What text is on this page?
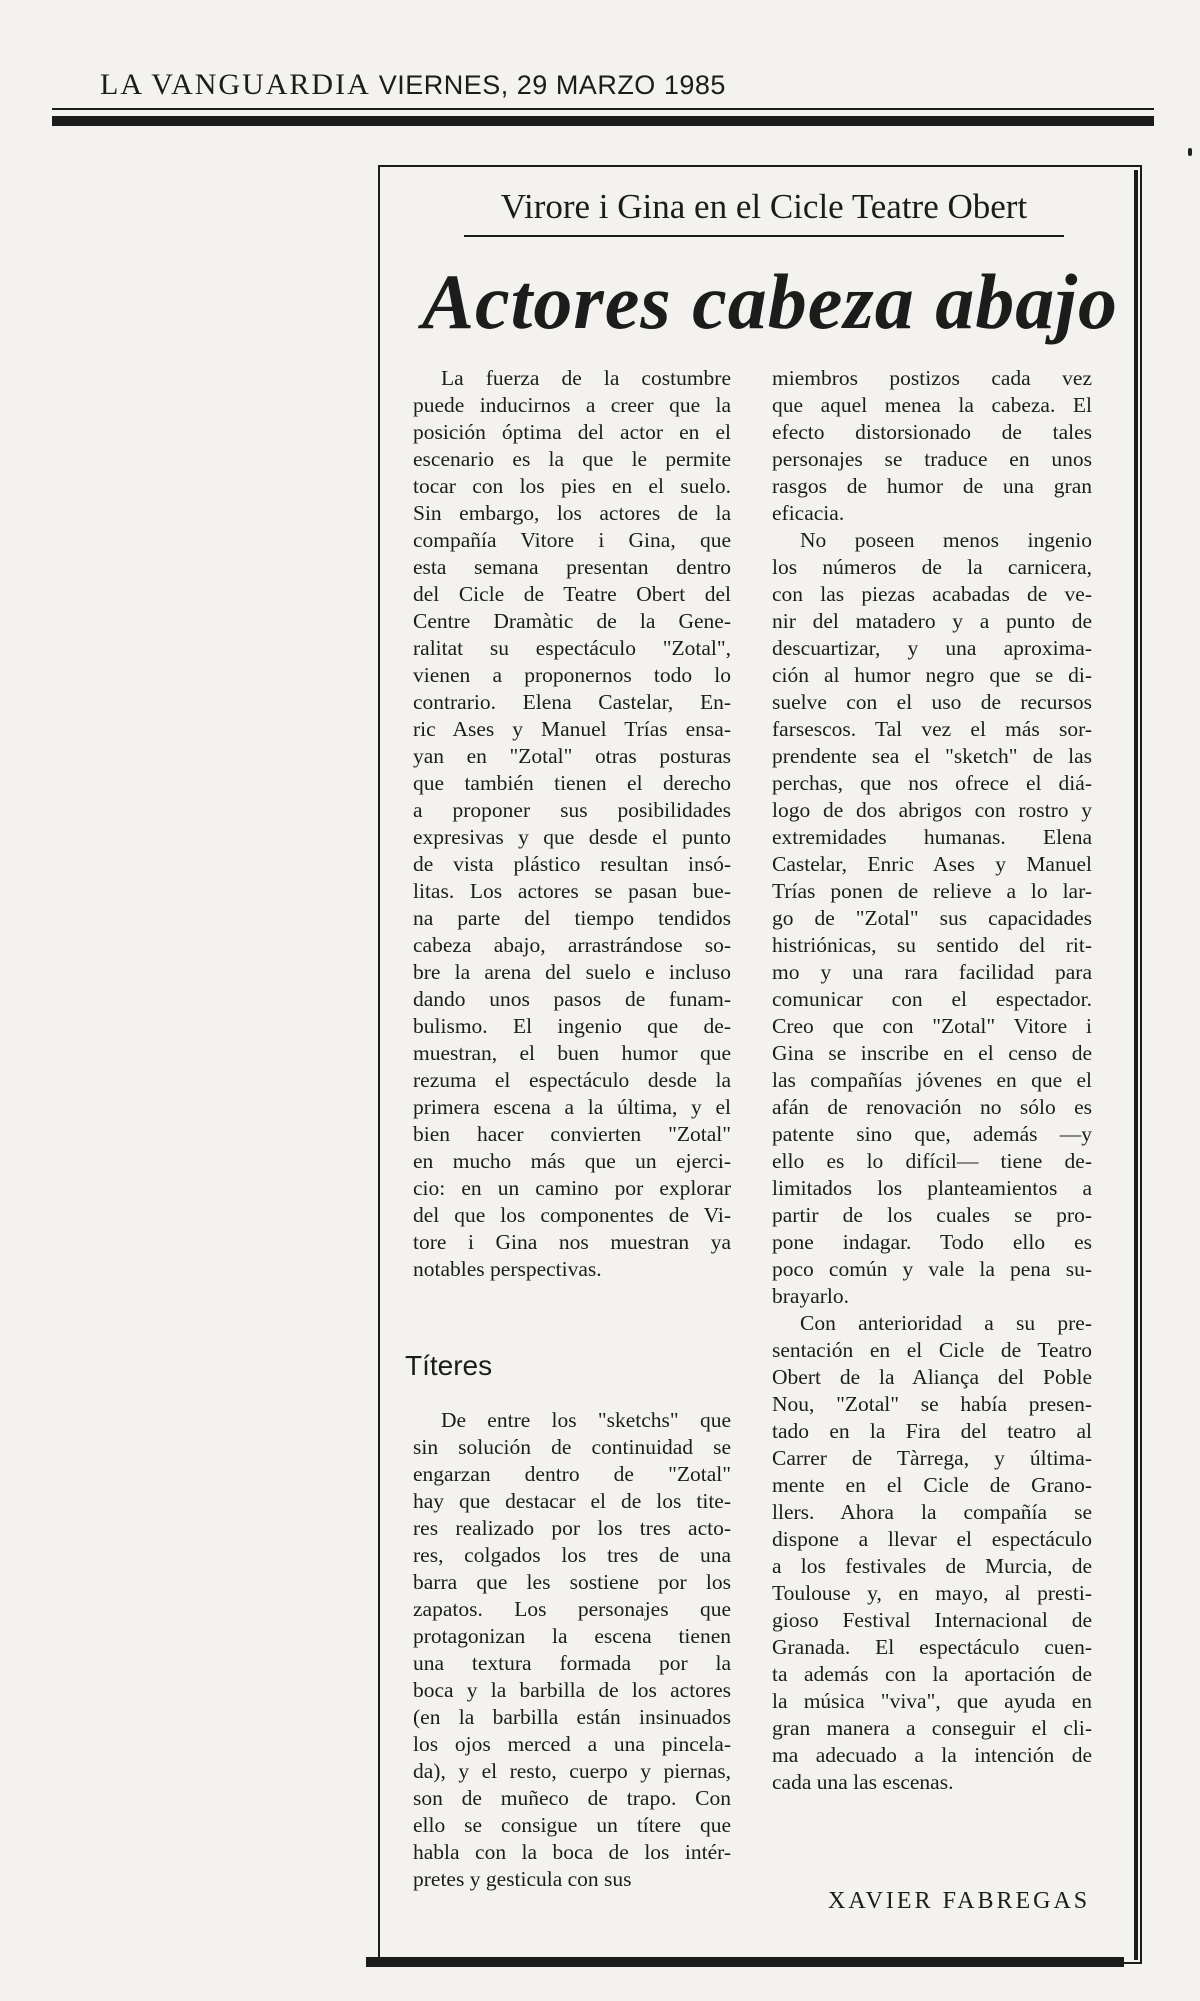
LA VANGUARDIA VIERNES, 29 MARZO 1985
Virore i Gina en el Cicle Teatre Obert
Actores cabeza abajo
La fuerza de la costumbre
puede inducirnos a creer que la
posición óptima del actor en el
escenario es la que le permite
tocar con los pies en el suelo.
Sin embargo, los actores de la
compañía Vitore i Gina, que
esta semana presentan dentro
del Cicle de Teatre Obert del
Centre Dramàtic de la Gene-
ralitat su espectáculo "Zotal",
vienen a proponernos todo lo
contrario. Elena Castelar, En-
ric Ases y Manuel Trías ensa-
yan en "Zotal" otras posturas
que también tienen el derecho
a proponer sus posibilidades
expresivas y que desde el punto
de vista plástico resultan insó-
litas. Los actores se pasan bue-
na parte del tiempo tendidos
cabeza abajo, arrastrándose so-
bre la arena del suelo e incluso
dando unos pasos de funam-
bulismo. El ingenio que de-
muestran, el buen humor que
rezuma el espectáculo desde la
primera escena a la última, y el
bien hacer convierten "Zotal"
en mucho más que un ejerci-
cio: en un camino por explorar
del que los componentes de Vi-
tore i Gina nos muestran ya
notables perspectivas.
Títeres
De entre los "sketchs" que
sin solución de continuidad se
engarzan dentro de "Zotal"
hay que destacar el de los tite-
res realizado por los tres acto-
res, colgados los tres de una
barra que les sostiene por los
zapatos. Los personajes que
protagonizan la escena tienen
una textura formada por la
boca y la barbilla de los actores
(en la barbilla están insinuados
los ojos merced a una pincela-
da), y el resto, cuerpo y piernas,
son de muñeco de trapo. Con
ello se consigue un títere que
habla con la boca de los intér-
pretes y gesticula con sus
miembros postizos cada vez
que aquel menea la cabeza. El
efecto distorsionado de tales
personajes se traduce en unos
rasgos de humor de una gran
eficacia.
No poseen menos ingenio
los números de la carnicera,
con las piezas acabadas de ve-
nir del matadero y a punto de
descuartizar, y una aproxima-
ción al humor negro que se di-
suelve con el uso de recursos
farsescos. Tal vez el más sor-
prendente sea el "sketch" de las
perchas, que nos ofrece el diá-
logo de dos abrigos con rostro y
extremidades humanas. Elena
Castelar, Enric Ases y Manuel
Trías ponen de relieve a lo lar-
go de "Zotal" sus capacidades
histriónicas, su sentido del rit-
mo y una rara facilidad para
comunicar con el espectador.
Creo que con "Zotal" Vitore i
Gina se inscribe en el censo de
las compañías jóvenes en que el
afán de renovación no sólo es
patente sino que, además —y
ello es lo difícil— tiene de-
limitados los planteamientos a
partir de los cuales se pro-
pone indagar. Todo ello es
poco común y vale la pena su-
brayarlo.
Con anterioridad a su pre-
sentación en el Cicle de Teatro
Obert de la Aliança del Poble
Nou, "Zotal" se había presen-
tado en la Fira del teatro al
Carrer de Tàrrega, y última-
mente en el Cicle de Grano-
llers. Ahora la compañía se
dispone a llevar el espectáculo
a los festivales de Murcia, de
Toulouse y, en mayo, al presti-
gioso Festival Internacional de
Granada. El espectáculo cuen-
ta además con la aportación de
la música "viva", que ayuda en
gran manera a conseguir el cli-
ma adecuado a la intención de
cada una las escenas.
XAVIER FABREGAS
